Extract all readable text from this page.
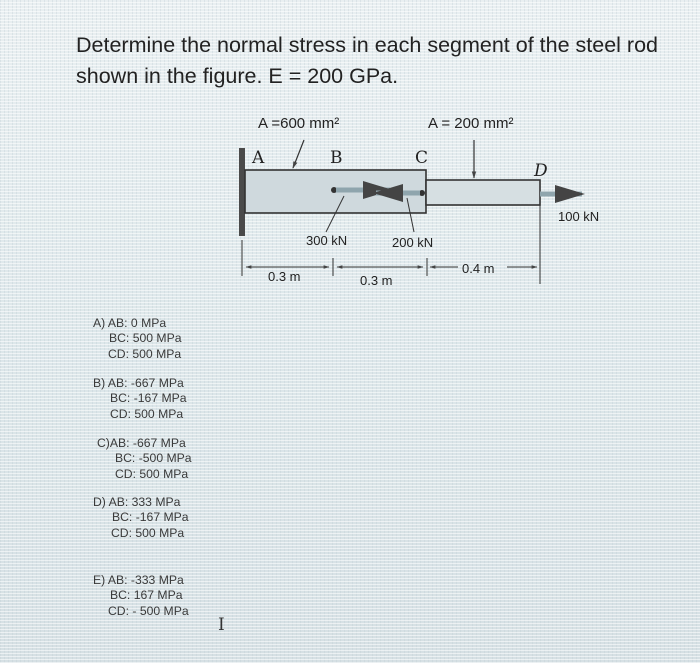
Determine the normal stress in each segment of the steel rod
shown in the figure. E = 200 GPa.
A =600 mm²	A = 200 mm²
A	B	C
D
300 kN	200 kN
100 kN
0.3 m	0.3 m
0.4 m
A) AB: 0 MPa
BC: 500 MPa
CD: 500 MPa
B) AB: -667 MPa
BC: -167 MPa
CD: 500 MPa
C)AB: -667 MPa
BC: -500 MPa
CD: 500 MPa
D) AB: 333 MPa
BC: -167 MPa
CD: 500 MPa
E) AB: -333 MPa
BC: 167 MPa
CD: - 500 MPa
I
